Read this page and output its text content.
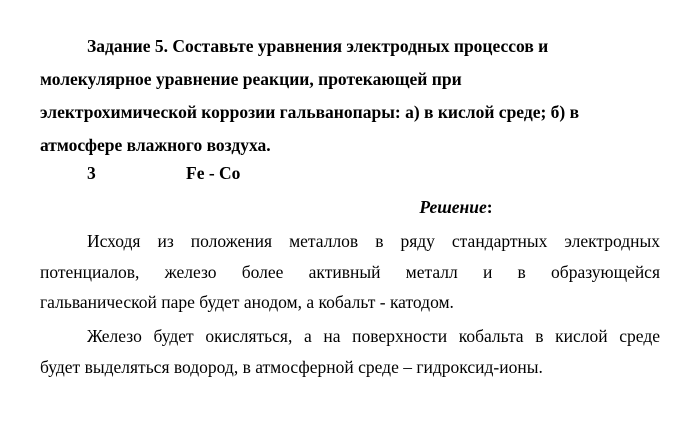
Задание 5. Составьте уравнения электродных процессов и
молекулярное уравнение реакции, протекающей при
электрохимической коррозии гальванопары: а) в кислой среде; б) в
атмосфере влажного воздуха.
3	Fe - Co
Решение:
Исходя из положения металлов в ряду стандартных электродных
потенциалов, железо более активный металл и в образующейся
гальванической паре будет анодом, а кобальт - катодом.
Железо будет окисляться, а на поверхности кобальта в кислой среде
будет выделяться водород, в атмосферной среде – гидроксид-ионы.
